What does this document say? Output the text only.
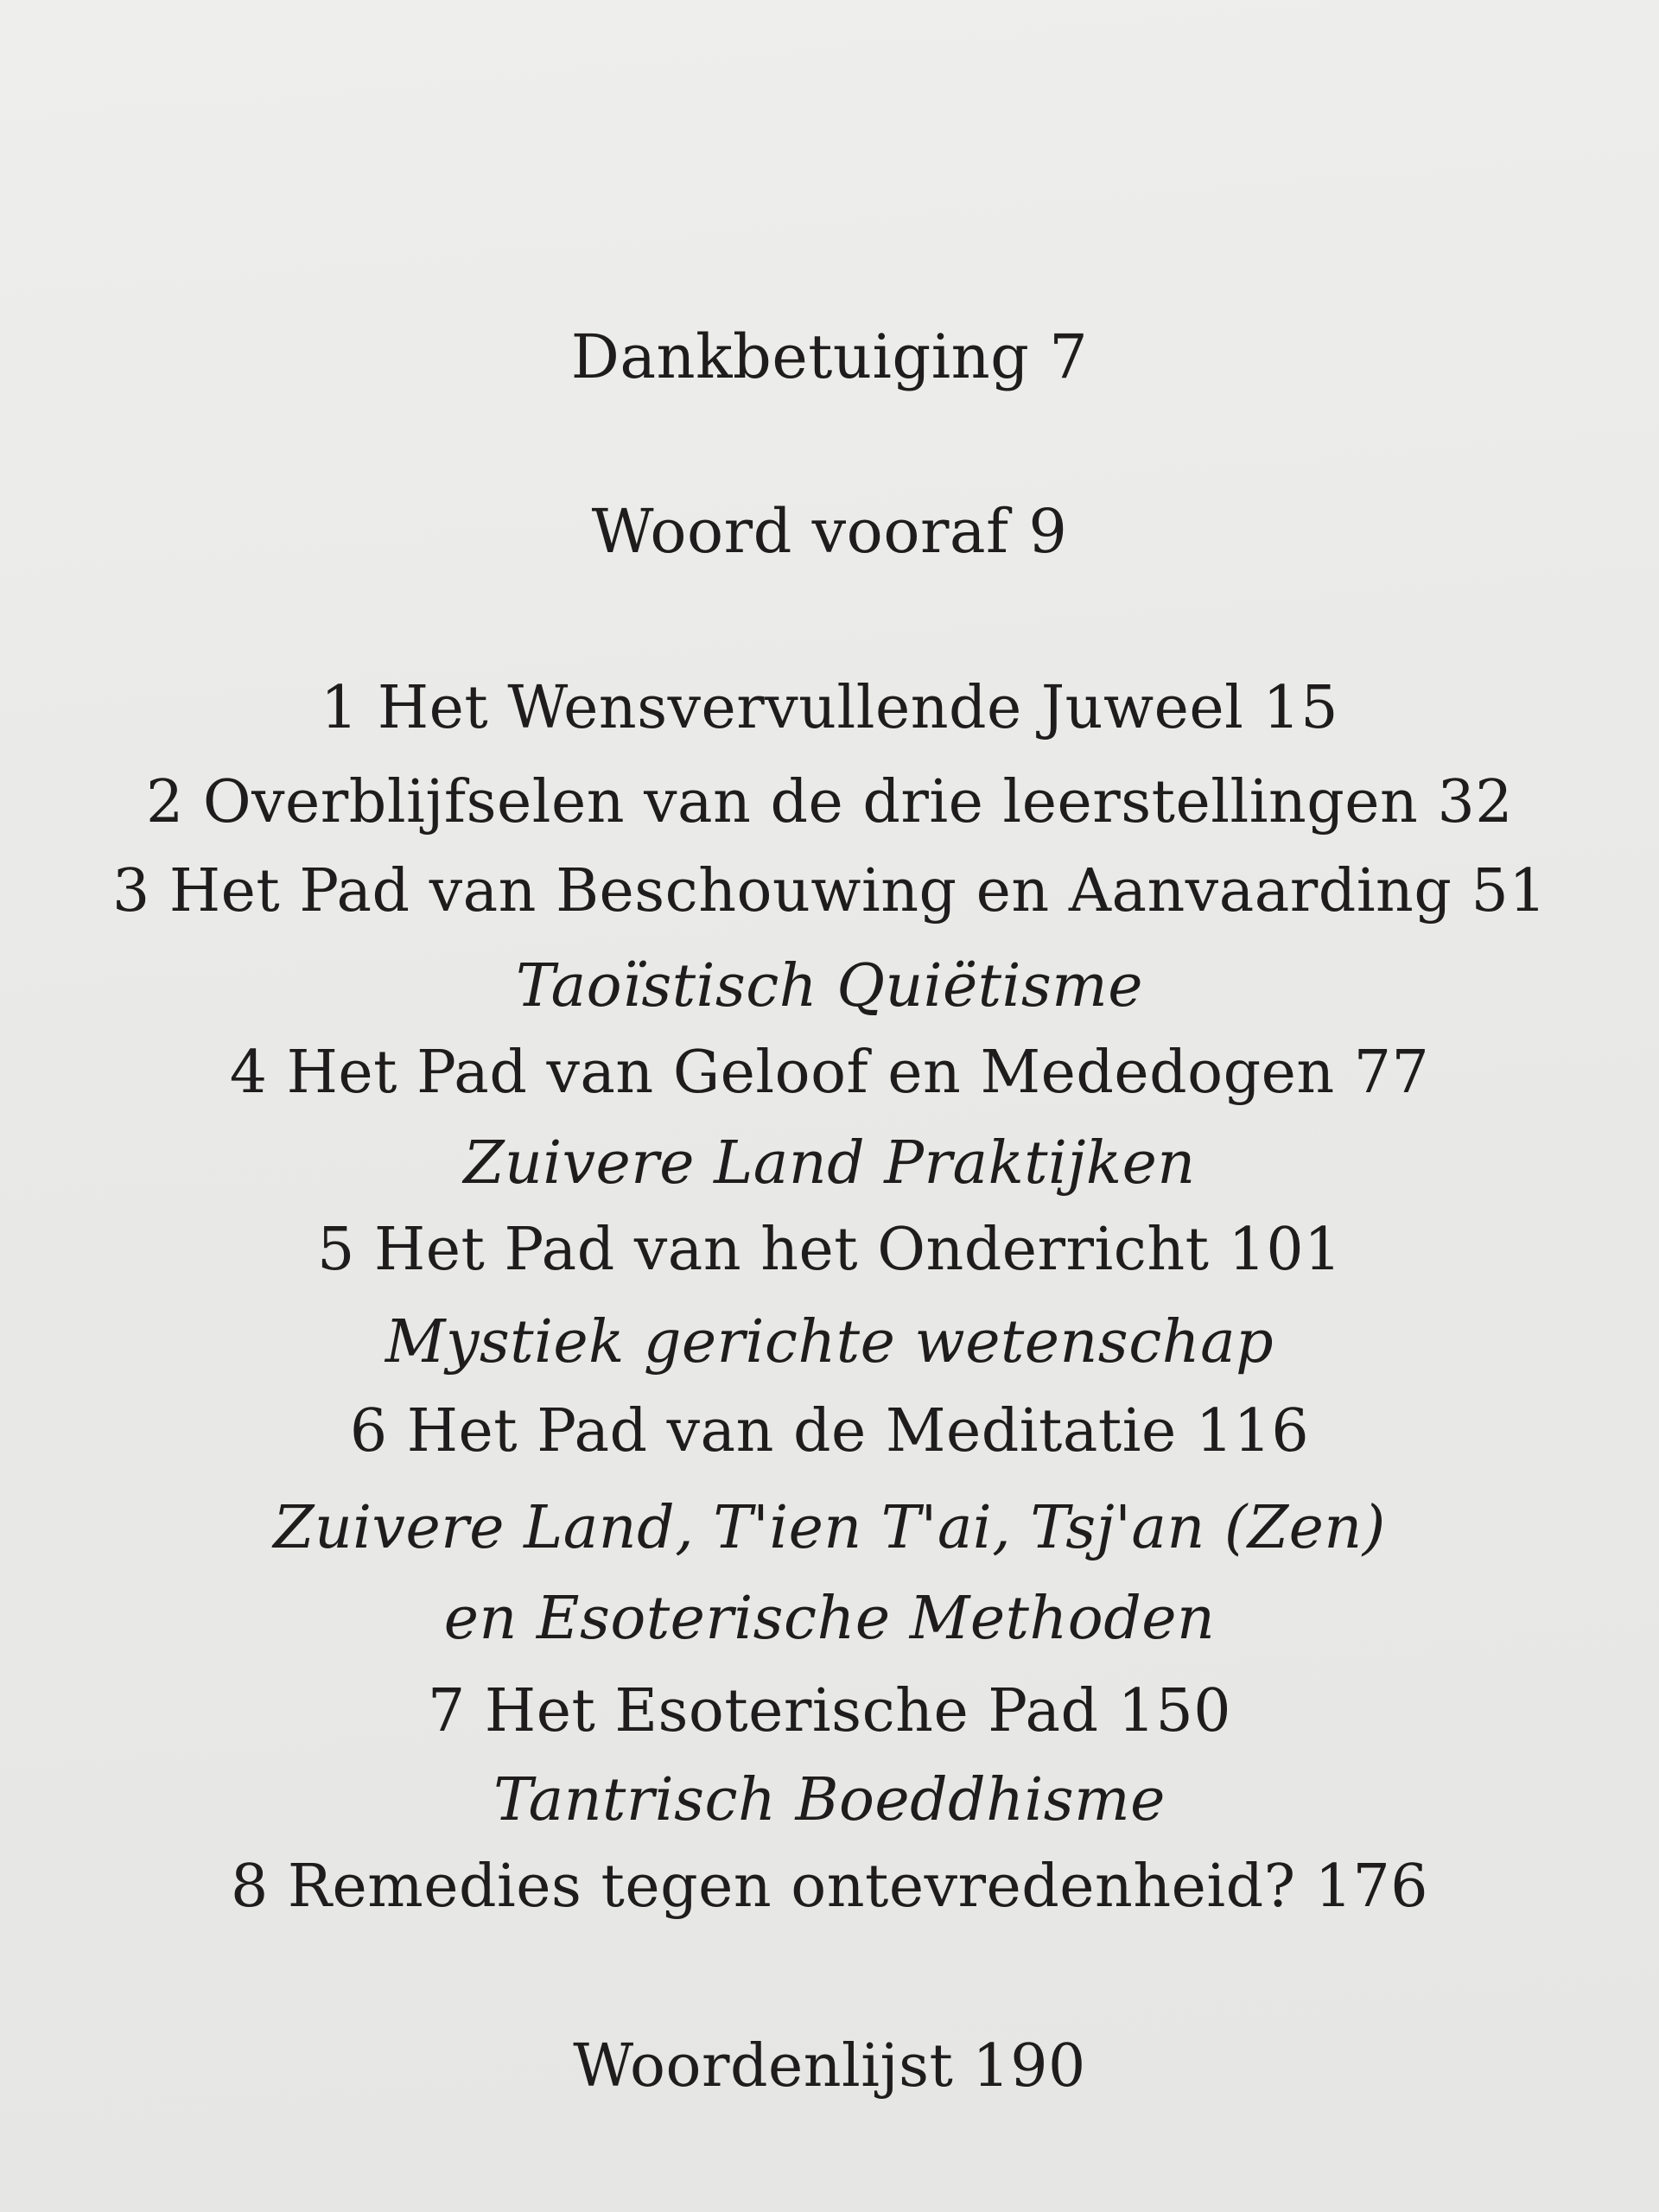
Dankbetuiging 7
Woord vooraf 9
1 Het Wensvervullende Juweel 15
2 Overblijfselen van de drie leerstellingen 32
3 Het Pad van Beschouwing en Aanvaarding 51
Taoïstisch Quiëtisme
4 Het Pad van Geloof en Mededogen 77
Zuivere Land Praktijken
5 Het Pad van het Onderricht 101
Mystiek gerichte wetenschap
6 Het Pad van de Meditatie 116
Zuivere Land, T'ien T'ai, Tsj'an (Zen)
en Esoterische Methoden
7 Het Esoterische Pad 150
Tantrisch Boeddhisme
8 Remedies tegen ontevredenheid? 176
Woordenlijst 190
